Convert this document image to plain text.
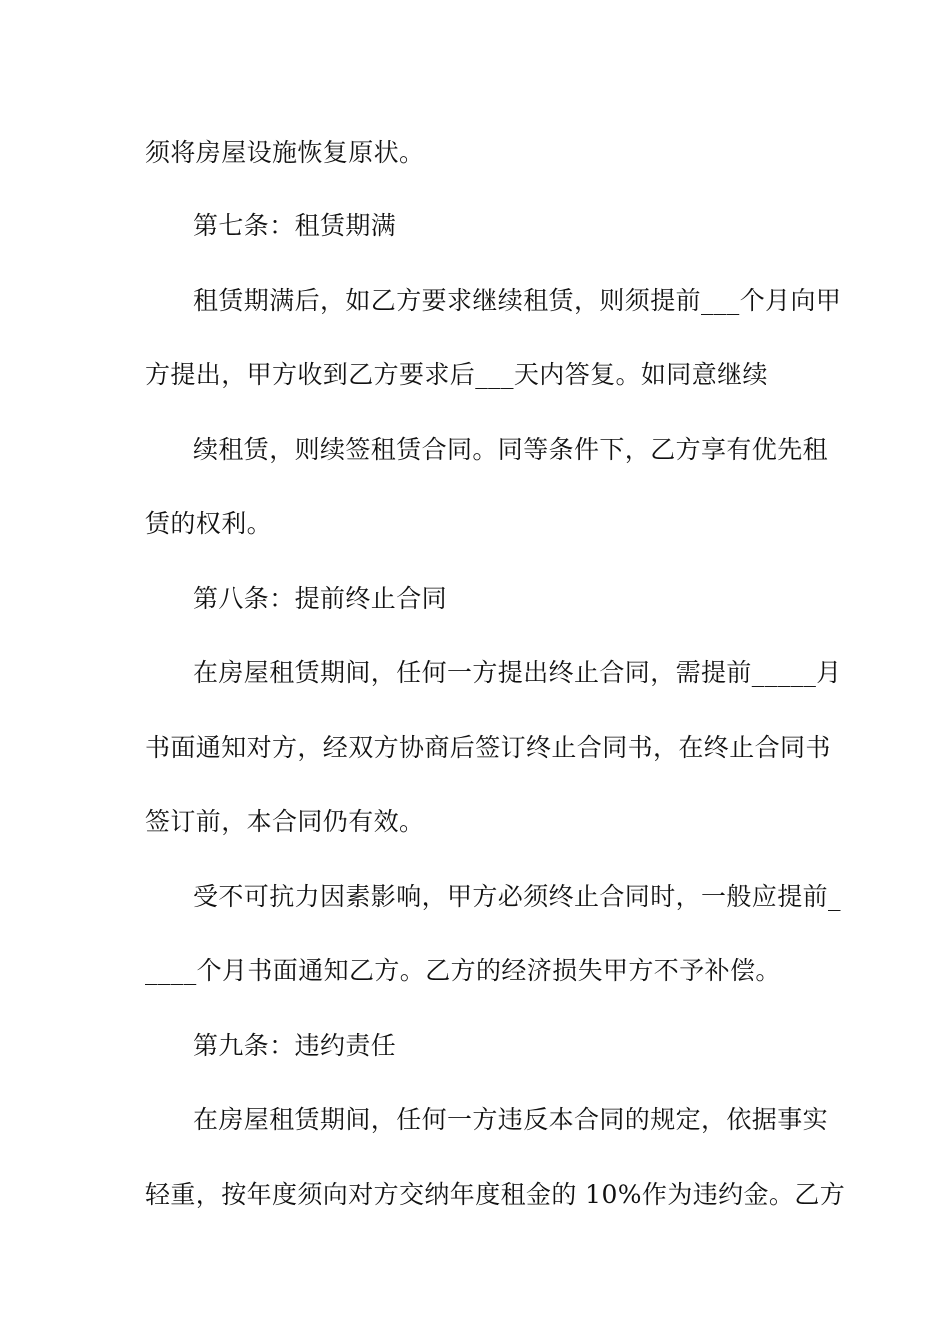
须将房屋设施恢复原状。
第七条：租赁期满
租赁期满后，如乙方要求继续租赁，则须提前___个月向甲
方提出，甲方收到乙方要求后___天内答复。如同意继续
续租赁，则续签租赁合同。同等条件下，乙方享有优先租
赁的权利。
第八条：提前终止合同
在房屋租赁期间，任何一方提出终止合同，需提前_____月
书面通知对方，经双方协商后签订终止合同书，在终止合同书
签订前，本合同仍有效。
受不可抗力因素影响，甲方必须终止合同时，一般应提前_
____个月书面通知乙方。乙方的经济损失甲方不予补偿。
第九条：违约责任
在房屋租赁期间，任何一方违反本合同的规定，依据事实
轻重，按年度须向对方交纳年度租金的 10%作为违约金。乙方
